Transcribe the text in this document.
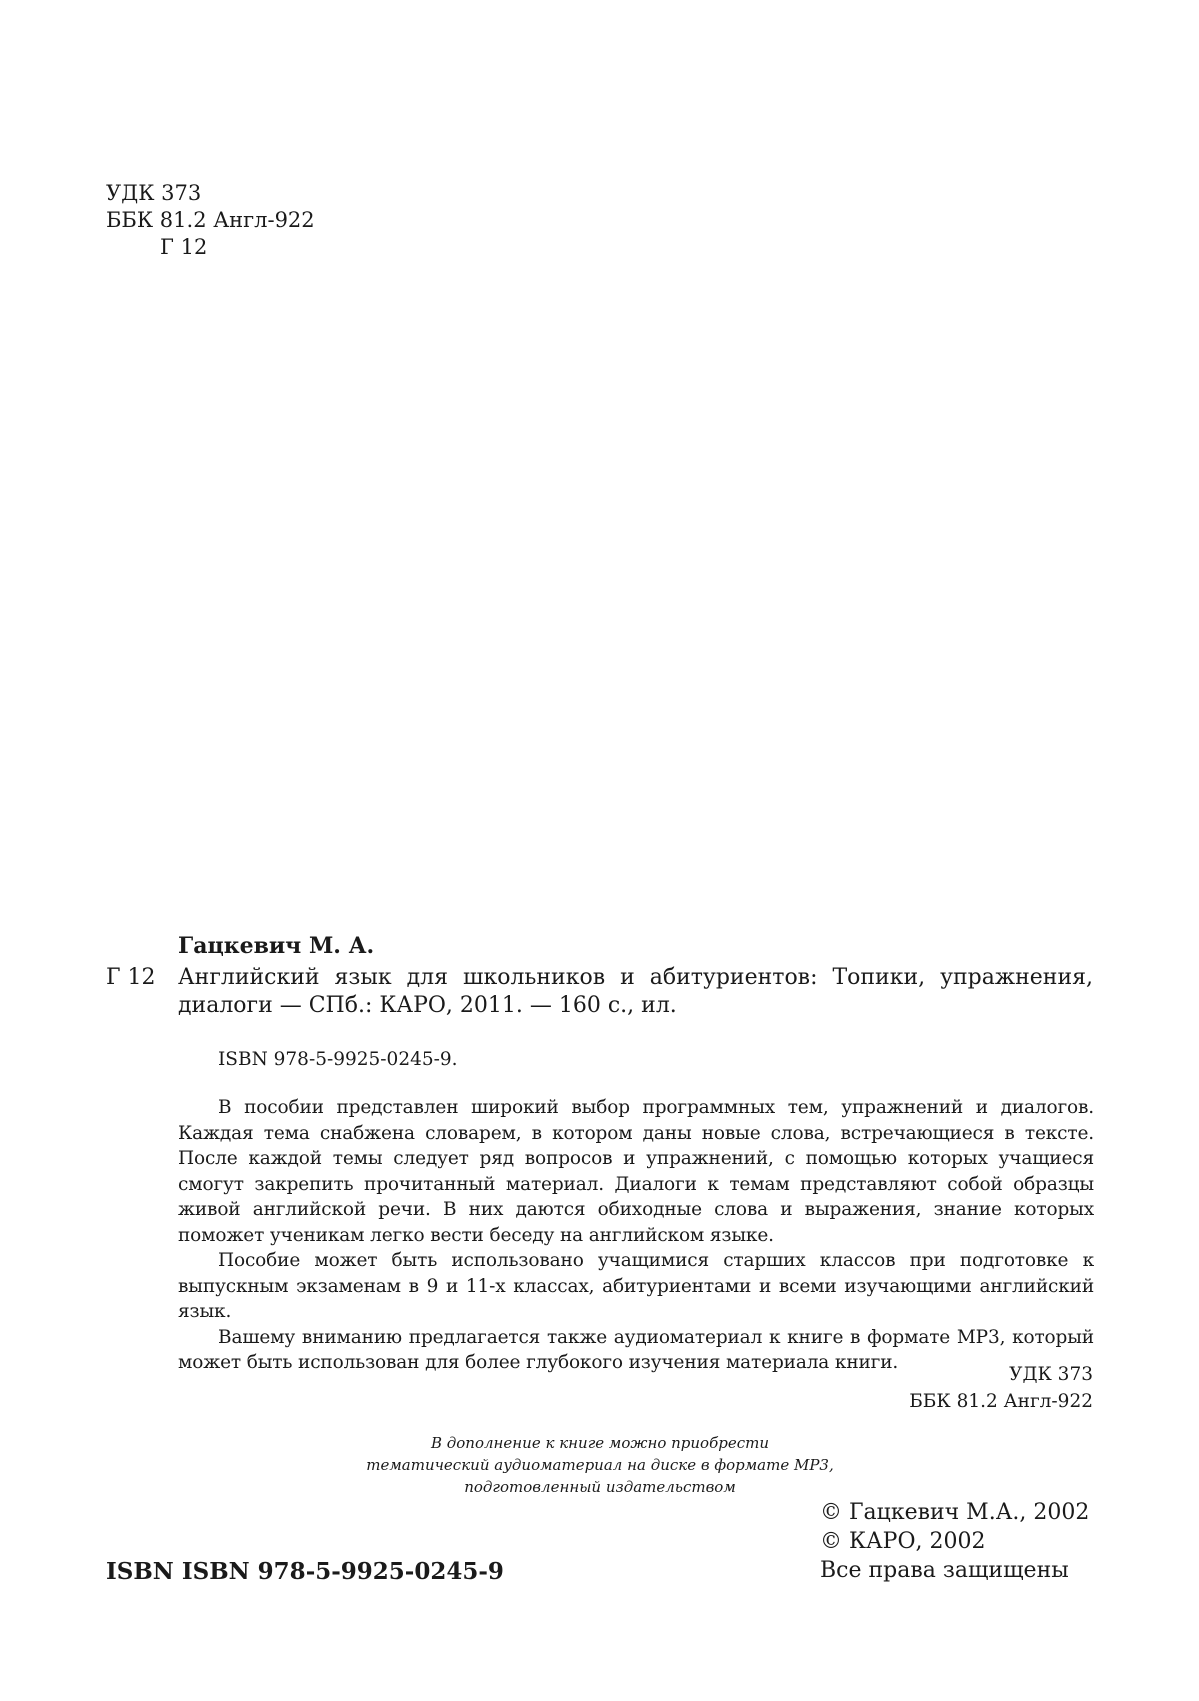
УДК 373
ББК 81.2 Англ-922
Г 12
Гацкевич М. А.
Г 12 Английский язык для школьников и абитуриентов: Топики, упражнения,
диалоги — СПб.: КАРО, 2011. — 160 с., ил.
ISBN 978-5-9925-0245-9.

В пособии представлен широкий выбор программных тем, упражнений и диалогов. Каждая тема снабжена словарем, в котором даны новые слова, встречающиеся в тексте. После каждой темы следует ряд вопросов и упражнений, с помощью которых учащиеся смогут закрепить прочитанный материал. Диалоги к темам представляют собой образцы живой английской речи. В них даются обиходные слова и выражения, знание которых поможет ученикам легко вести беседу на английском языке.

Пособие может быть использовано учащимися старших классов при подготовке к выпускным экзаменам в 9 и 11-х классах, абитуриентами и всеми изучающими английский язык.

Вашему вниманию предлагается также аудиоматериал к книге в формате МР3, который может быть использован для более глубокого изучения материала книги.

УДК 373
ББК 81.2 Англ-922
В дополнение к книге можно приобрести
тематический аудиоматериал на диске в формате МР3,
подготовленный издательством
© Гацкевич М.А., 2002
© КАРО, 2002
Все права защищены
ISBN ISBN 978-5-9925-0245-9
